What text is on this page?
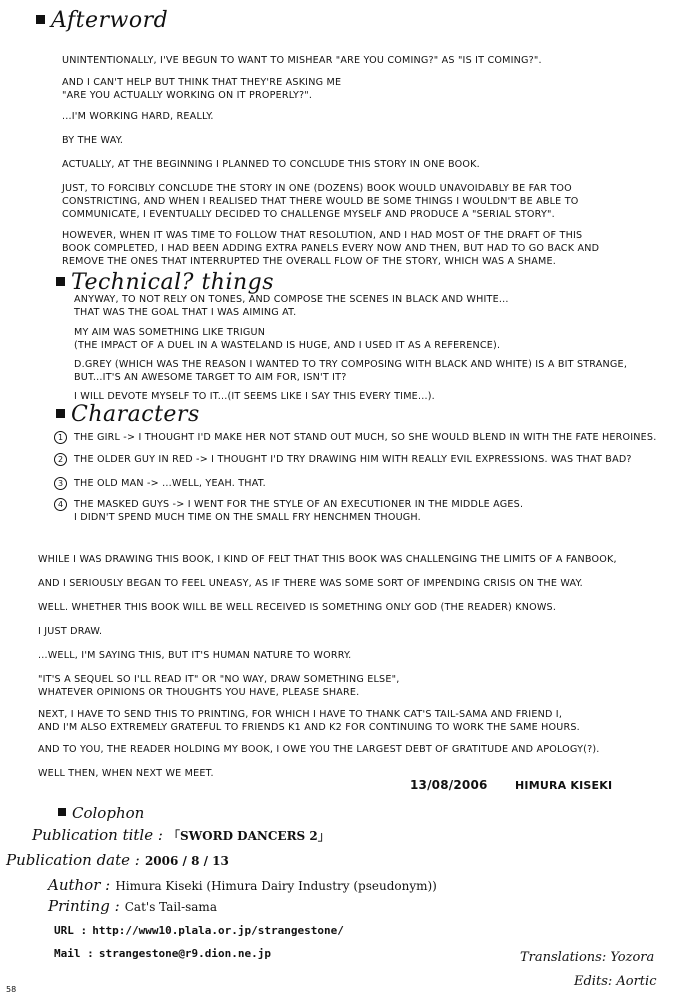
Afterword
UNINTENTIONALLY, I'VE BEGUN TO WANT TO MISHEAR "ARE YOU COMING?" AS "IS IT COMING?".
AND I CAN'T HELP BUT THINK THAT THEY'RE ASKING ME
"ARE YOU ACTUALLY WORKING ON IT PROPERLY?".
...I'M WORKING HARD, REALLY.
BY THE WAY.
ACTUALLY, AT THE BEGINNING I PLANNED TO CONCLUDE THIS STORY IN ONE BOOK.
JUST, TO FORCIBLY CONCLUDE THE STORY IN ONE (DOZENS) BOOK WOULD UNAVOIDABLY BE FAR TOO
CONSTRICTING, AND WHEN I REALISED THAT THERE WOULD BE SOME THINGS I WOULDN'T BE ABLE TO
COMMUNICATE, I EVENTUALLY DECIDED TO CHALLENGE MYSELF AND PRODUCE A "SERIAL STORY".
HOWEVER, WHEN IT WAS TIME TO FOLLOW THAT RESOLUTION, AND I HAD MOST OF THE DRAFT OF THIS
BOOK COMPLETED, I HAD BEEN ADDING EXTRA PANELS EVERY NOW AND THEN, BUT HAD TO GO BACK AND
REMOVE THE ONES THAT INTERRUPTED THE OVERALL FLOW OF THE STORY, WHICH WAS A SHAME.
Technical? things
ANYWAY, TO NOT RELY ON TONES, AND COMPOSE THE SCENES IN BLACK AND WHITE...
THAT WAS THE GOAL THAT I WAS AIMING AT.
MY AIM WAS SOMETHING LIKE TRIGUN
(THE IMPACT OF A DUEL IN A WASTELAND IS HUGE, AND I USED IT AS A REFERENCE).
D.GREY (WHICH WAS THE REASON I WANTED TO TRY COMPOSING WITH BLACK AND WHITE) IS A BIT STRANGE,
BUT...IT'S AN AWESOME TARGET TO AIM FOR, ISN'T IT?
I WILL DEVOTE MYSELF TO IT...(IT SEEMS LIKE I SAY THIS EVERY TIME...).
Characters
1	THE GIRL -> I THOUGHT I'D MAKE HER NOT STAND OUT MUCH, SO SHE WOULD BLEND IN WITH THE FATE HEROINES.
2	THE OLDER GUY IN RED -> I THOUGHT I'D TRY DRAWING HIM WITH REALLY EVIL EXPRESSIONS. WAS THAT BAD?
3	THE OLD MAN -> ...WELL, YEAH. THAT.
4	THE MASKED GUYS -> I WENT FOR THE STYLE OF AN EXECUTIONER IN THE MIDDLE AGES.
I DIDN'T SPEND MUCH TIME ON THE SMALL FRY HENCHMEN THOUGH.
WHILE I WAS DRAWING THIS BOOK, I KIND OF FELT THAT THIS BOOK WAS CHALLENGING THE LIMITS OF A FANBOOK,
AND I SERIOUSLY BEGAN TO FEEL UNEASY, AS IF THERE WAS SOME SORT OF IMPENDING CRISIS ON THE WAY.
WELL. WHETHER THIS BOOK WILL BE WELL RECEIVED IS SOMETHING ONLY GOD (THE READER) KNOWS.
I JUST DRAW.
...WELL, I'M SAYING THIS, BUT IT'S HUMAN NATURE TO WORRY.
"IT'S A SEQUEL SO I'LL READ IT" OR "NO WAY, DRAW SOMETHING ELSE",
WHATEVER OPINIONS OR THOUGHTS YOU HAVE, PLEASE SHARE.
NEXT, I HAVE TO SEND THIS TO PRINTING, FOR WHICH I HAVE TO THANK CAT'S TAIL-SAMA AND FRIEND I,
AND I'M ALSO EXTREMELY GRATEFUL TO FRIENDS K1 AND K2 FOR CONTINUING TO WORK THE SAME HOURS.
AND TO YOU, THE READER HOLDING MY BOOK, I OWE YOU THE LARGEST DEBT OF GRATITUDE AND APOLOGY(?).
WELL THEN, WHEN NEXT WE MEET.
13/08/2006 HIMURA KISEKI
Colophon
Publication title : 「SWORD DANCERS 2」
Publication date : 2006 / 8 / 13
Author : Himura Kiseki (Himura Dairy Industry (pseudonym))
Printing : Cat's Tail-sama
URL : http://www10.plala.or.jp/strangestone/
Mail : strangestone@r9.dion.ne.jp	Translations: Yozora
Edits: Aortic
58
